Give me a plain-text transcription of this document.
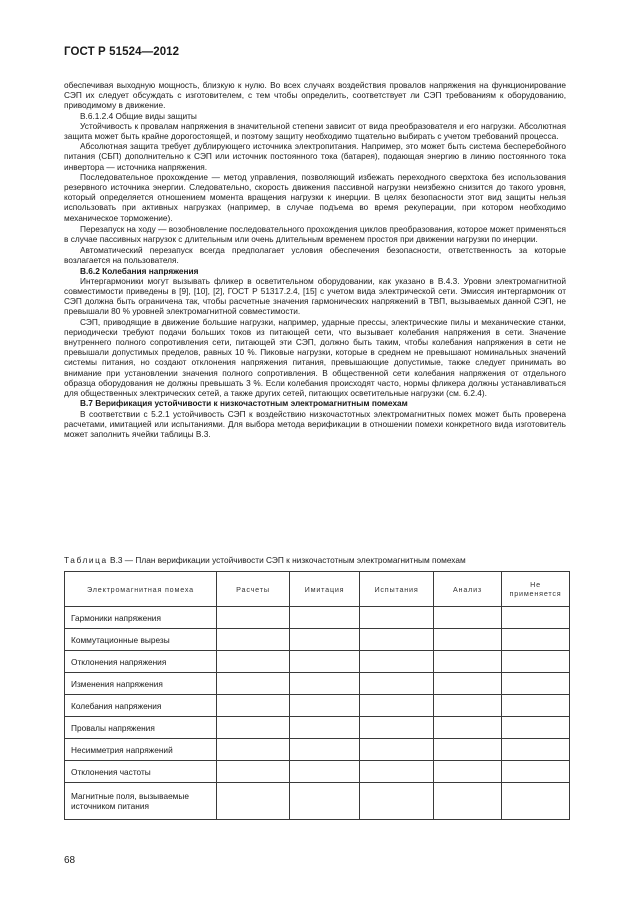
ГОСТ Р 51524—2012

обеспечивая выходную мощность, близкую к нулю. Во всех случаях воздействия провалов напряжения на функционирование СЭП их следует обсуждать с изготовителем, с тем чтобы определить, соответствует ли СЭП требованиям к оборудованию, приводимому в движение.

В.6.1.2.4 Общие виды защиты

Устойчивость к провалам напряжения в значительной степени зависит от вида преобразователя и его нагрузки. Абсолютная защита может быть крайне дорогостоящей, и поэтому защиту необходимо тщательно выбирать с учетом требований процесса.

Абсолютная защита требует дублирующего источника электропитания. Например, это может быть система бесперебойного питания (СБП) дополнительно к СЭП или источник постоянного тока (батарея), подающая энергию в линию постоянного тока инвертора — источника напряжения.

Последовательное прохождение — метод управления, позволяющий избежать переходного сверхтока без использования резервного источника энергии. Следовательно, скорость движения пассивной нагрузки неизбежно снизится до такого уровня, который определяется отношением момента вращения нагрузки к инерции. В целях безопасности этот вид защиты нельзя использовать при активных нагрузках (например, в случае подъема во время рекуперации, при котором необходимо механическое торможение).

Перезапуск на ходу — возобновление последовательного прохождения циклов преобразования, которое может применяться в случае пассивных нагрузок с длительным или очень длительным временем простоя при движении нагрузки по инерции.

Автоматический перезапуск всегда предполагает условия обеспечения безопасности, ответственность за которые возлагается на пользователя.

В.6.2 Колебания напряжения

Интергармоники могут вызывать фликер в осветительном оборудовании, как указано в В.4.3. Уровни электромагнитной совместимости приведены в [9], [10], [2], ГОСТ Р 51317.2.4, [15] с учетом вида электрической сети. Эмиссия интергармоник от СЭП должна быть ограничена так, чтобы расчетные значения гармонических напряжений в ТВП, вызываемых данной СЭП, не превышали 80 % уровней электромагнитной совместимости.

СЭП, приводящие в движение большие нагрузки, например, ударные прессы, электрические пилы и механические станки, периодически требуют подачи больших токов из питающей сети, что вызывает колебания напряжения в сети. Значение внутреннего полного сопротивления сети, питающей эти СЭП, должно быть таким, чтобы колебания напряжения в сети не превышали допустимых пределов, равных 10 %. Пиковые нагрузки, которые в среднем не превышают номинальных значений системы питания, но создают отклонения напряжения питания, превышающие допустимые, также следует принимать во внимание при установлении значения полного сопротивления. В общественной сети колебания напряжения от отдельного образца оборудования не должны превышать 3 %. Если колебания происходят часто, нормы фликера должны устанавливаться для общественных электрических сетей, а также других сетей, питающих осветительные нагрузки (см. 6.2.4).

В.7 Верификация устойчивости к низкочастотным электромагнитным помехам

В соответствии с 5.2.1 устойчивость СЭП к воздействию низкочастотных электромагнитных помех может быть проверена расчетами, имитацией или испытаниями. Для выбора метода верификации в отношении помехи конкретного вида изготовитель может заполнить ячейки таблицы В.3.

Таблица В.3 — План верификации устойчивости СЭП к низкочастотным электромагнитным помехам
Электромагнитная помеха	Расчеты	Имитация	Испытания	Анализ	Не применяется
Гармоники напряжения					
Коммутационные вырезы					
Отклонения напряжения					
Изменения напряжения					
Колебания напряжения					
Провалы напряжения					
Несимметрия напряжений					
Отклонения частоты					
Магнитные поля, вызываемые источником питания					
68
